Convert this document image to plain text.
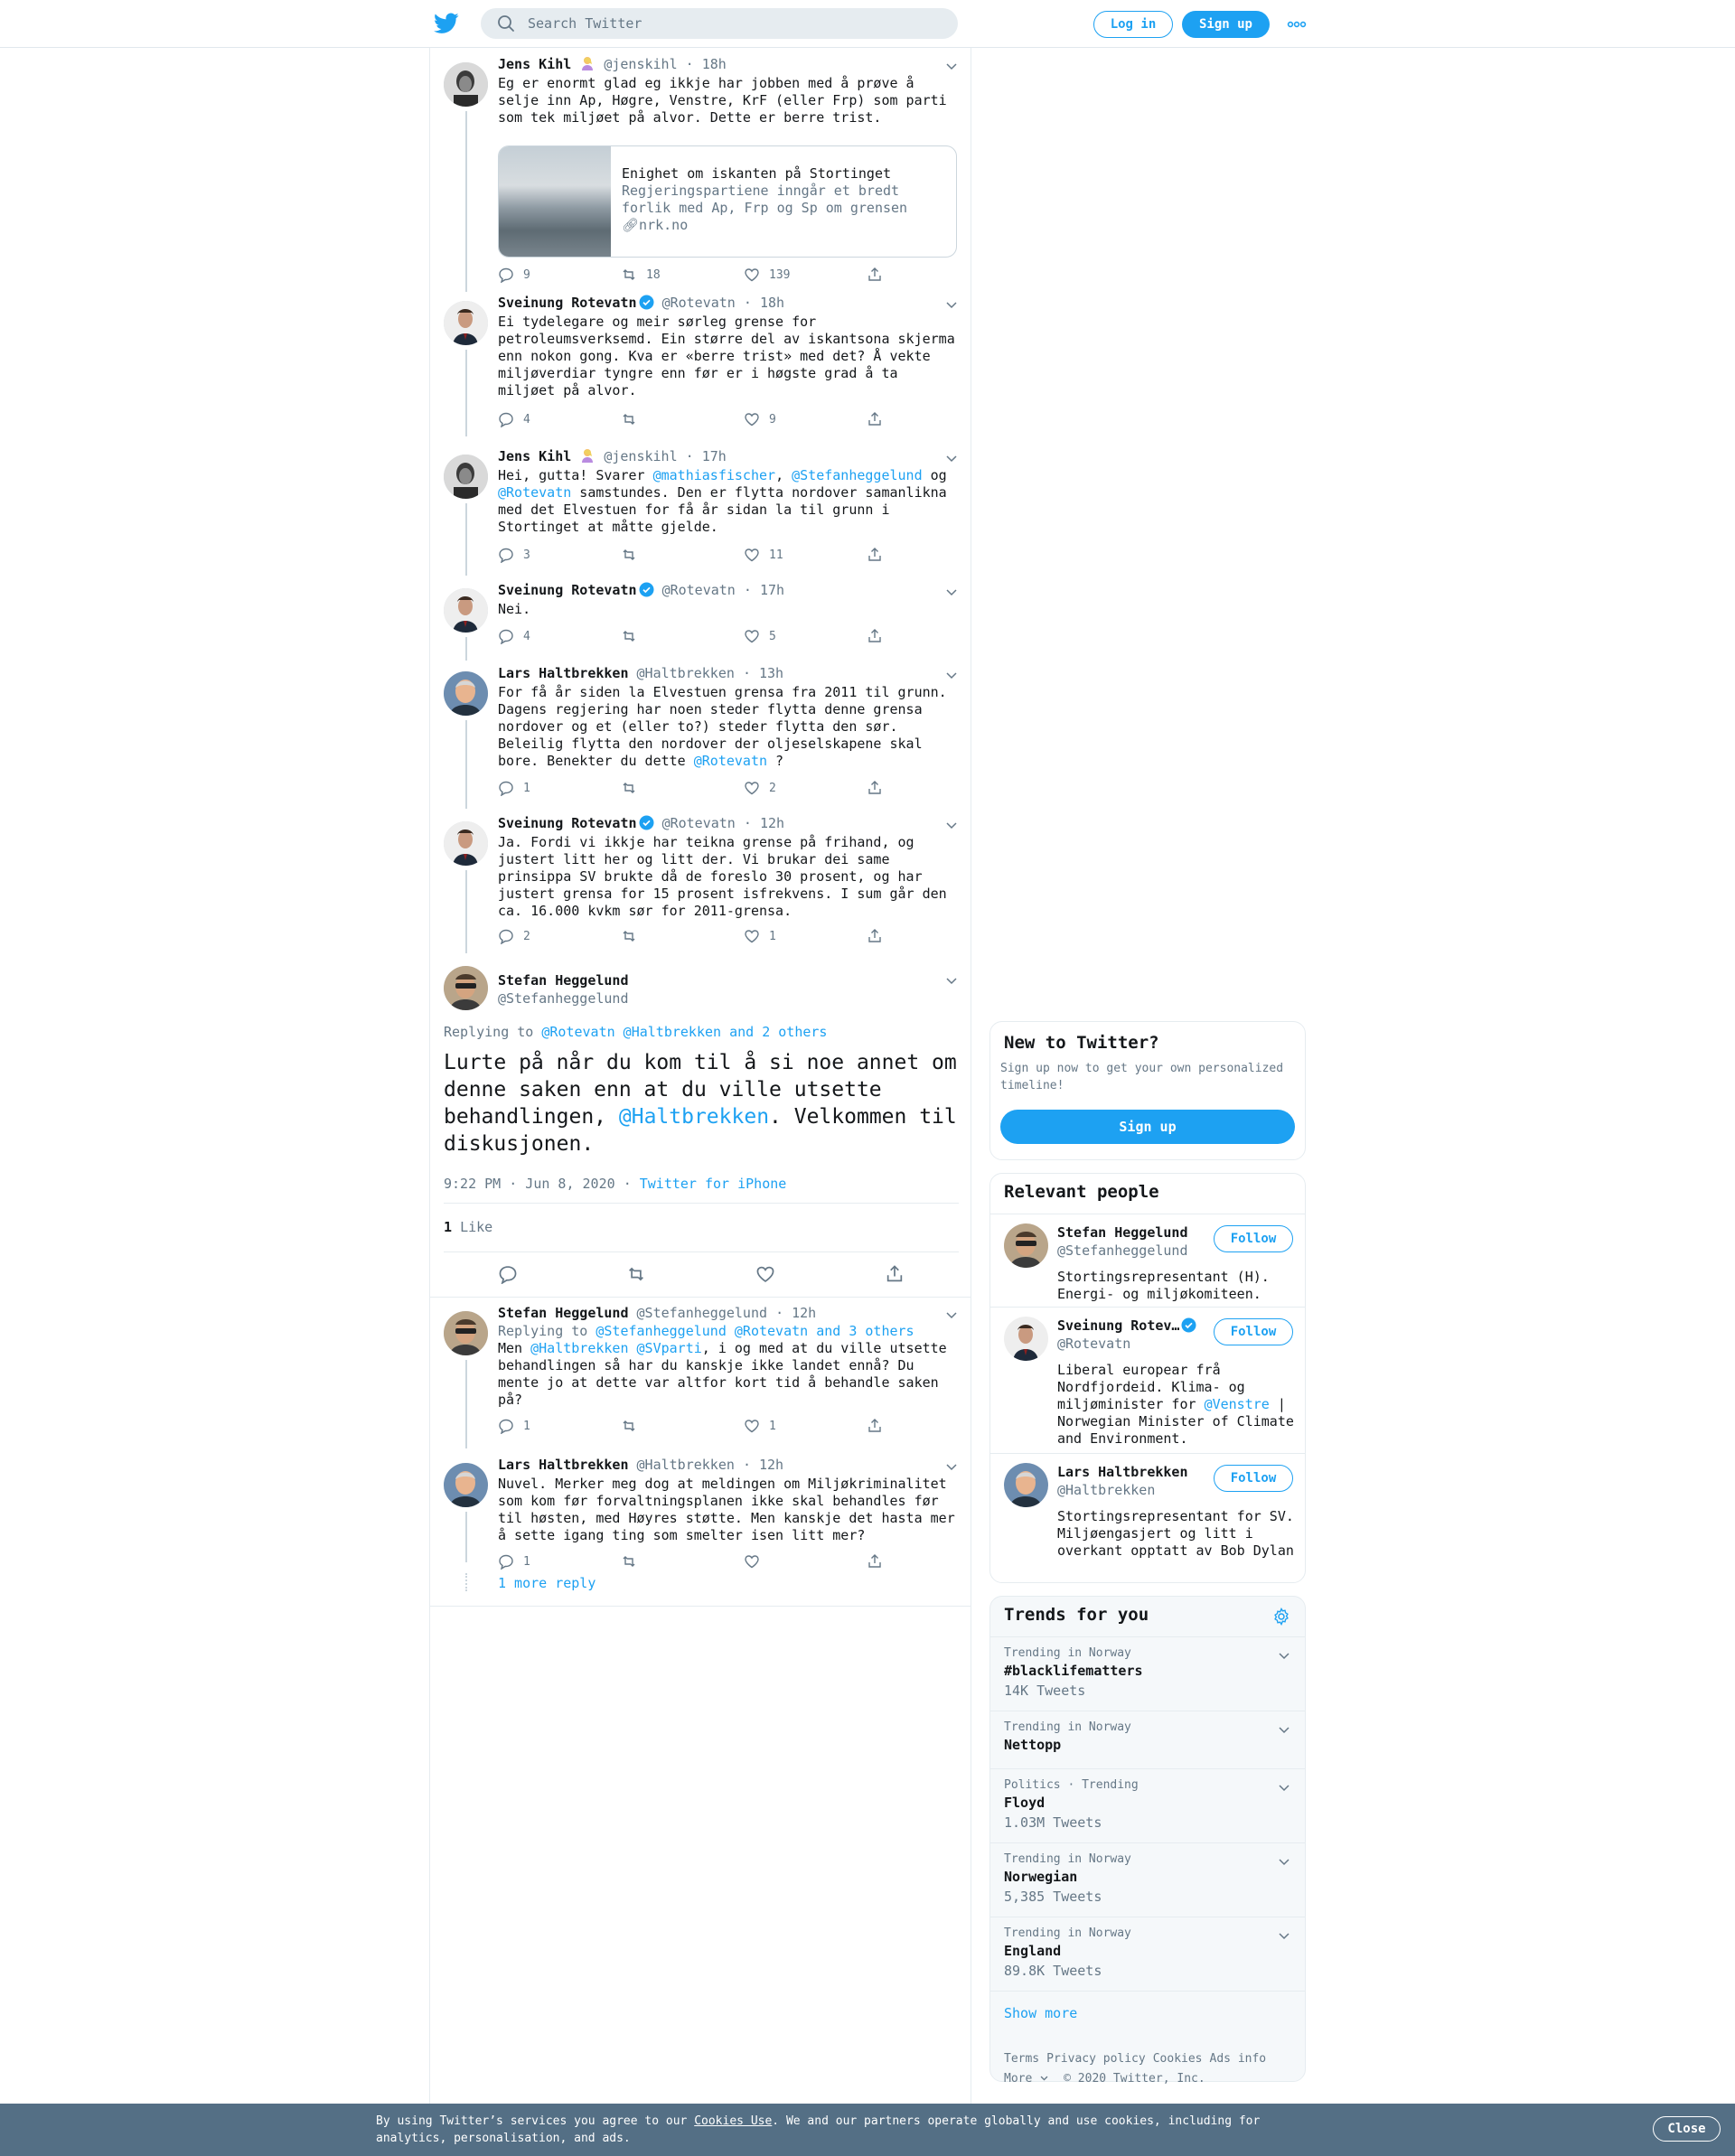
Search Twitter
Log in	Sign up
Jens Kihl @jenskihl · 18h
Eg er enormt glad eg ikkje har jobben med å prøve å selje inn Ap, Høgre, Venstre, KrF (eller Frp) som parti som tek miljøet på alvor. Dette er berre trist.
Enighet om iskanten på Stortinget
Regjeringspartiene inngår et bredt forlik med Ap, Frp og Sp om grensen
🔗︎nrk.no
9	18	139
Sveinung Rotevatn @Rotevatn · 18h
Ei tydelegare og meir sørleg grense for petroleumsverksemd. Ein større del av iskantsona skjerma enn nokon gong. Kva er «berre trist» med det? Å vekte miljøverdiar tyngre enn før er i høgste grad å ta miljøet på alvor.
4	9
Jens Kihl @jenskihl · 17h
Hei, gutta! Svarer @mathiasfischer, @Stefanheggelund og @Rotevatn samstundes. Den er flytta nordover samanlikna med det Elvestuen for få år sidan la til grunn i Stortinget at måtte gjelde.
3	11
Sveinung Rotevatn @Rotevatn · 17h
Nei.
4	5
Lars Haltbrekken @Haltbrekken · 13h
For få år siden la Elvestuen grensa fra 2011 til grunn. Dagens regjering har noen steder flytta denne grensa nordover og et (eller to?) steder flytta den sør. Beleilig flytta den nordover der oljeselskapene skal bore. Benekter du dette @Rotevatn ?
1	2
Sveinung Rotevatn @Rotevatn · 12h
Ja. Fordi vi ikkje har teikna grense på frihand, og justert litt her og litt der. Vi brukar dei same prinsippa SV brukte då de foreslo 30 prosent, og har justert grensa for 15 prosent isfrekvens. I sum går den ca. 16.000 kvkm sør for 2011-grensa.
2	1
Stefan Heggelund
@Stefanheggelund
Replying to @Rotevatn @Haltbrekken and 2 others
Lurte på når du kom til å si noe annet om denne saken enn at du ville utsette behandlingen, @Haltbrekken. Velkommen til diskusjonen.
9:22 PM · Jun 8, 2020 · Twitter for iPhone
1 Like
Stefan Heggelund @Stefanheggelund · 12h
Replying to @Stefanheggelund @Rotevatn and 3 others
Men @Haltbrekken @SVparti, i og med at du ville utsette behandlingen så har du kanskje ikke landet ennå? Du mente jo at dette var altfor kort tid å behandle saken på?
1	1
Lars Haltbrekken @Haltbrekken · 12h
Nuvel. Merker meg dog at meldingen om Miljøkriminalitet som kom før forvaltningsplanen ikke skal behandles før til høsten, med Høyres støtte. Men kanskje det hasta mer å sette igang ting som smelter isen litt mer?
1
1 more reply
New to Twitter?
Sign up now to get your own personalized timeline!
Sign up
Relevant people
Stefan Heggelund
@Stefanheggelund
Follow
Stortingsrepresentant (H). Energi- og miljøkomiteen.
Sveinung Rotev…
@Rotevatn
Follow
Liberal europear frå Nordfjordeid. Klima- og miljøminister for @Venstre | Norwegian Minister of Climate and Environment.
Lars Haltbrekken
@Haltbrekken
Follow
Stortingsrepresentant for SV. Miljøengasjert og litt i overkant opptatt av Bob Dylan
Trends for you
Trending in Norway
#blacklifematters
14K Tweets
Trending in Norway
Nettopp
Politics · Trending
Floyd
1.03M Tweets
Trending in Norway
Norwegian
5,385 Tweets
Trending in Norway
England
89.8K Tweets
Show more
Terms Privacy policy Cookies Ads info
More	© 2020 Twitter, Inc.
By using Twitter’s services you agree to our Cookies Use. We and our partners operate globally and use cookies, including for analytics, personalisation, and ads.
Close
